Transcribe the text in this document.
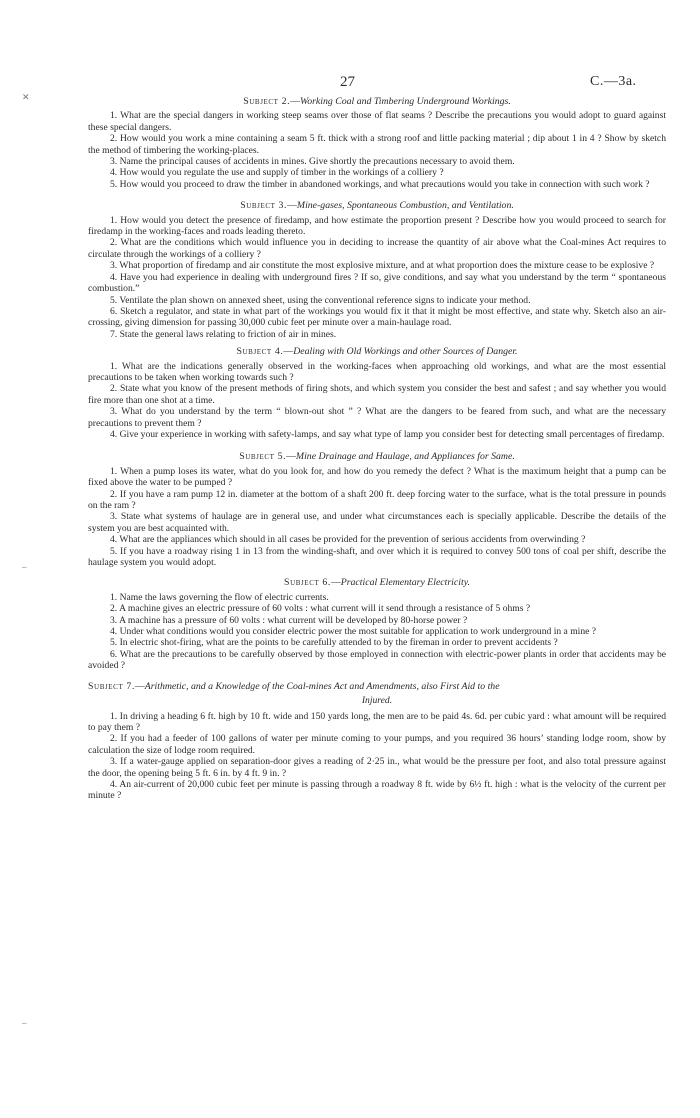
27	C.—3a.
✕
–
–

Subject 2.—Working Coal and Timbering Underground Workings.

1. What are the special dangers in working steep seams over those of flat seams ? Describe the precautions you would adopt to guard against these special dangers.

2. How would you work a mine containing a seam 5 ft. thick with a strong roof and little packing material ; dip about 1 in 4 ? Show by sketch the method of timbering the working-places.

3. Name the principal causes of accidents in mines. Give shortly the precautions necessary to avoid them.

4. How would you regulate the use and supply of timber in the workings of a colliery ?

5. How would you proceed to draw the timber in abandoned workings, and what precautions would you take in connection with such work ?

Subject 3.—Mine-gases, Spontaneous Combustion, and Ventilation.

1. How would you detect the presence of firedamp, and how estimate the proportion present ? Describe how you would proceed to search for firedamp in the working-faces and roads leading thereto.

2. What are the conditions which would influence you in deciding to increase the quantity of air above what the Coal-mines Act requires to circulate through the workings of a colliery ?

3. What proportion of firedamp and air constitute the most explosive mixture, and at what proportion does the mixture cease to be explosive ?

4. Have you had experience in dealing with underground fires ? If so, give conditions, and say what you understand by the term “ spontaneous combustion.”

5. Ventilate the plan shown on annexed sheet, using the conventional reference signs to indicate your method.

6. Sketch a regulator, and state in what part of the workings you would fix it that it might be most effective, and state why. Sketch also an air-crossing, giving dimension for passing 30,000 cubic feet per minute over a main-haulage road.

7. State the general laws relating to friction of air in mines.

Subject 4.—Dealing with Old Workings and other Sources of Danger.

1. What are the indications generally observed in the working-faces when approaching old workings, and what are the most essential precautions to be taken when working towards such ?

2. State what you know of the present methods of firing shots, and which system you consider the best and safest ; and say whether you would fire more than one shot at a time.

3. What do you understand by the term “ blown-out shot ” ? What are the dangers to be feared from such, and what are the necessary precautions to prevent them ?

4. Give your experience in working with safety-lamps, and say what type of lamp you consider best for detecting small percentages of firedamp.

Subject 5.—Mine Drainage and Haulage, and Appliances for Same.

1. When a pump loses its water, what do you look for, and how do you remedy the defect ? What is the maximum height that a pump can be fixed above the water to be pumped ?

2. If you have a ram pump 12 in. diameter at the bottom of a shaft 200 ft. deep forcing water to the surface, what is the total pressure in pounds on the ram ?

3. State what systems of haulage are in general use, and under what circumstances each is specially applicable. Describe the details of the system you are best acquainted with.

4. What are the appliances which should in all cases be provided for the prevention of serious accidents from overwinding ?

5. If you have a roadway rising 1 in 13 from the winding-shaft, and over which it is required to convey 500 tons of coal per shift, describe the haulage system you would adopt.

Subject 6.—Practical Elementary Electricity.

1. Name the laws governing the flow of electric currents.

2. A machine gives an electric pressure of 60 volts : what current will it send through a resistance of 5 ohms ?

3. A machine has a pressure of 60 volts : what current will be developed by 80-horse power ?

4. Under what conditions would you consider electric power the most suitable for application to work underground in a mine ?

5. In electric shot-firing, what are the points to be carefully attended to by the fireman in order to prevent accidents ?

6. What are the precautions to be carefully observed by those employed in connection with electric-power plants in order that accidents may be avoided ?

Subject 7.—Arithmetic, and a Knowledge of the Coal-mines Act and Amendments, also First Aid to the

Injured.

1. In driving a heading 6 ft. high by 10 ft. wide and 150 yards long, the men are to be paid 4s. 6d. per cubic yard : what amount will be required to pay them ?

2. If you had a feeder of 100 gallons of water per minute coming to your pumps, and you required 36 hours’ standing lodge room, show by calculation the size of lodge room required.

3. If a water-gauge applied on separation-door gives a reading of 2·25 in., what would be the pressure per foot, and also total pressure against the door, the opening being 5 ft. 6 in. by 4 ft. 9 in. ?

4. An air-current of 20,000 cubic feet per minute is passing through a roadway 8 ft. wide by 6½ ft. high : what is the velocity of the current per minute ?
